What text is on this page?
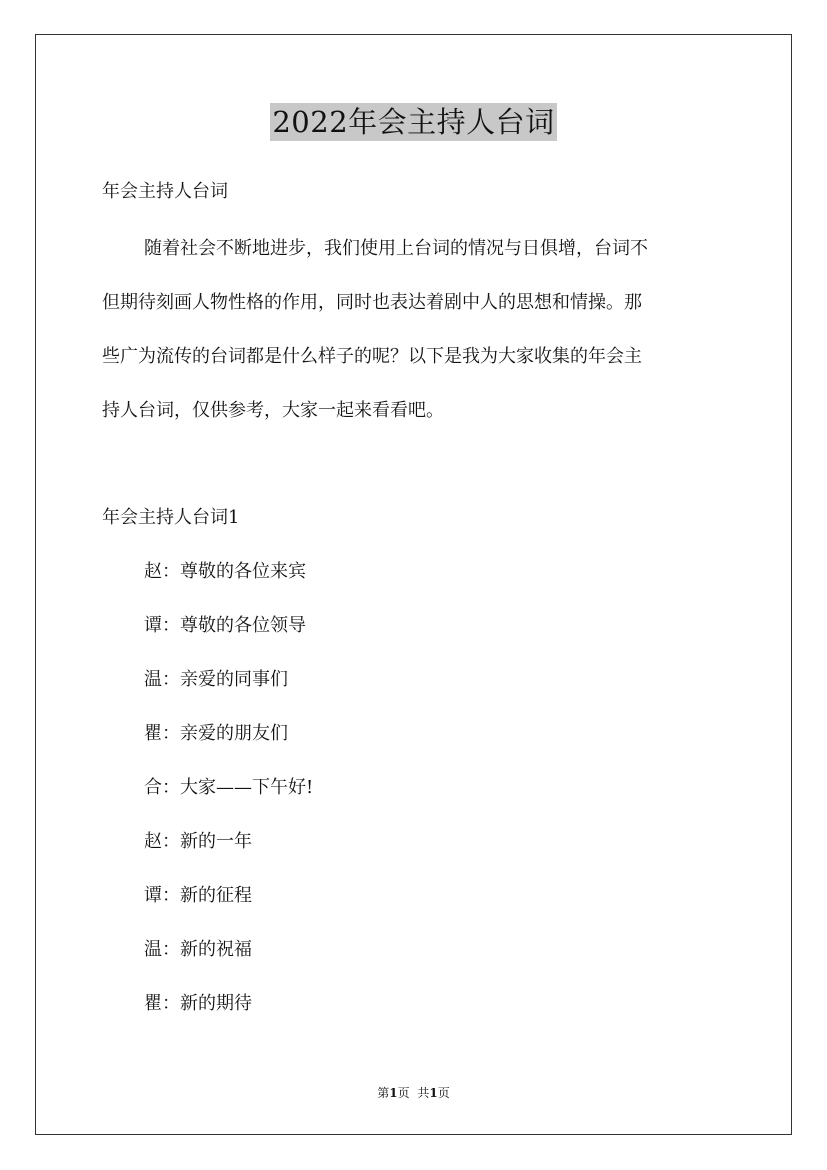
2022年会主持人台词
年会主持人台词

随着社会不断地进步，我们使用上台词的情况与日俱增，台词不

但期待刻画人物性格的作用，同时也表达着剧中人的思想和情操。那

些广为流传的台词都是什么样子的呢？以下是我为大家收集的年会主

持人台词，仅供参考，大家一起来看看吧。

年会主持人台词1
赵：尊敬的各位来宾
谭：尊敬的各位领导
温：亲爱的同事们
瞿：亲爱的朋友们
合：大家——下午好!
赵：新的一年
谭：新的征程
温：新的祝福
瞿：新的期待
第1页 共1页
